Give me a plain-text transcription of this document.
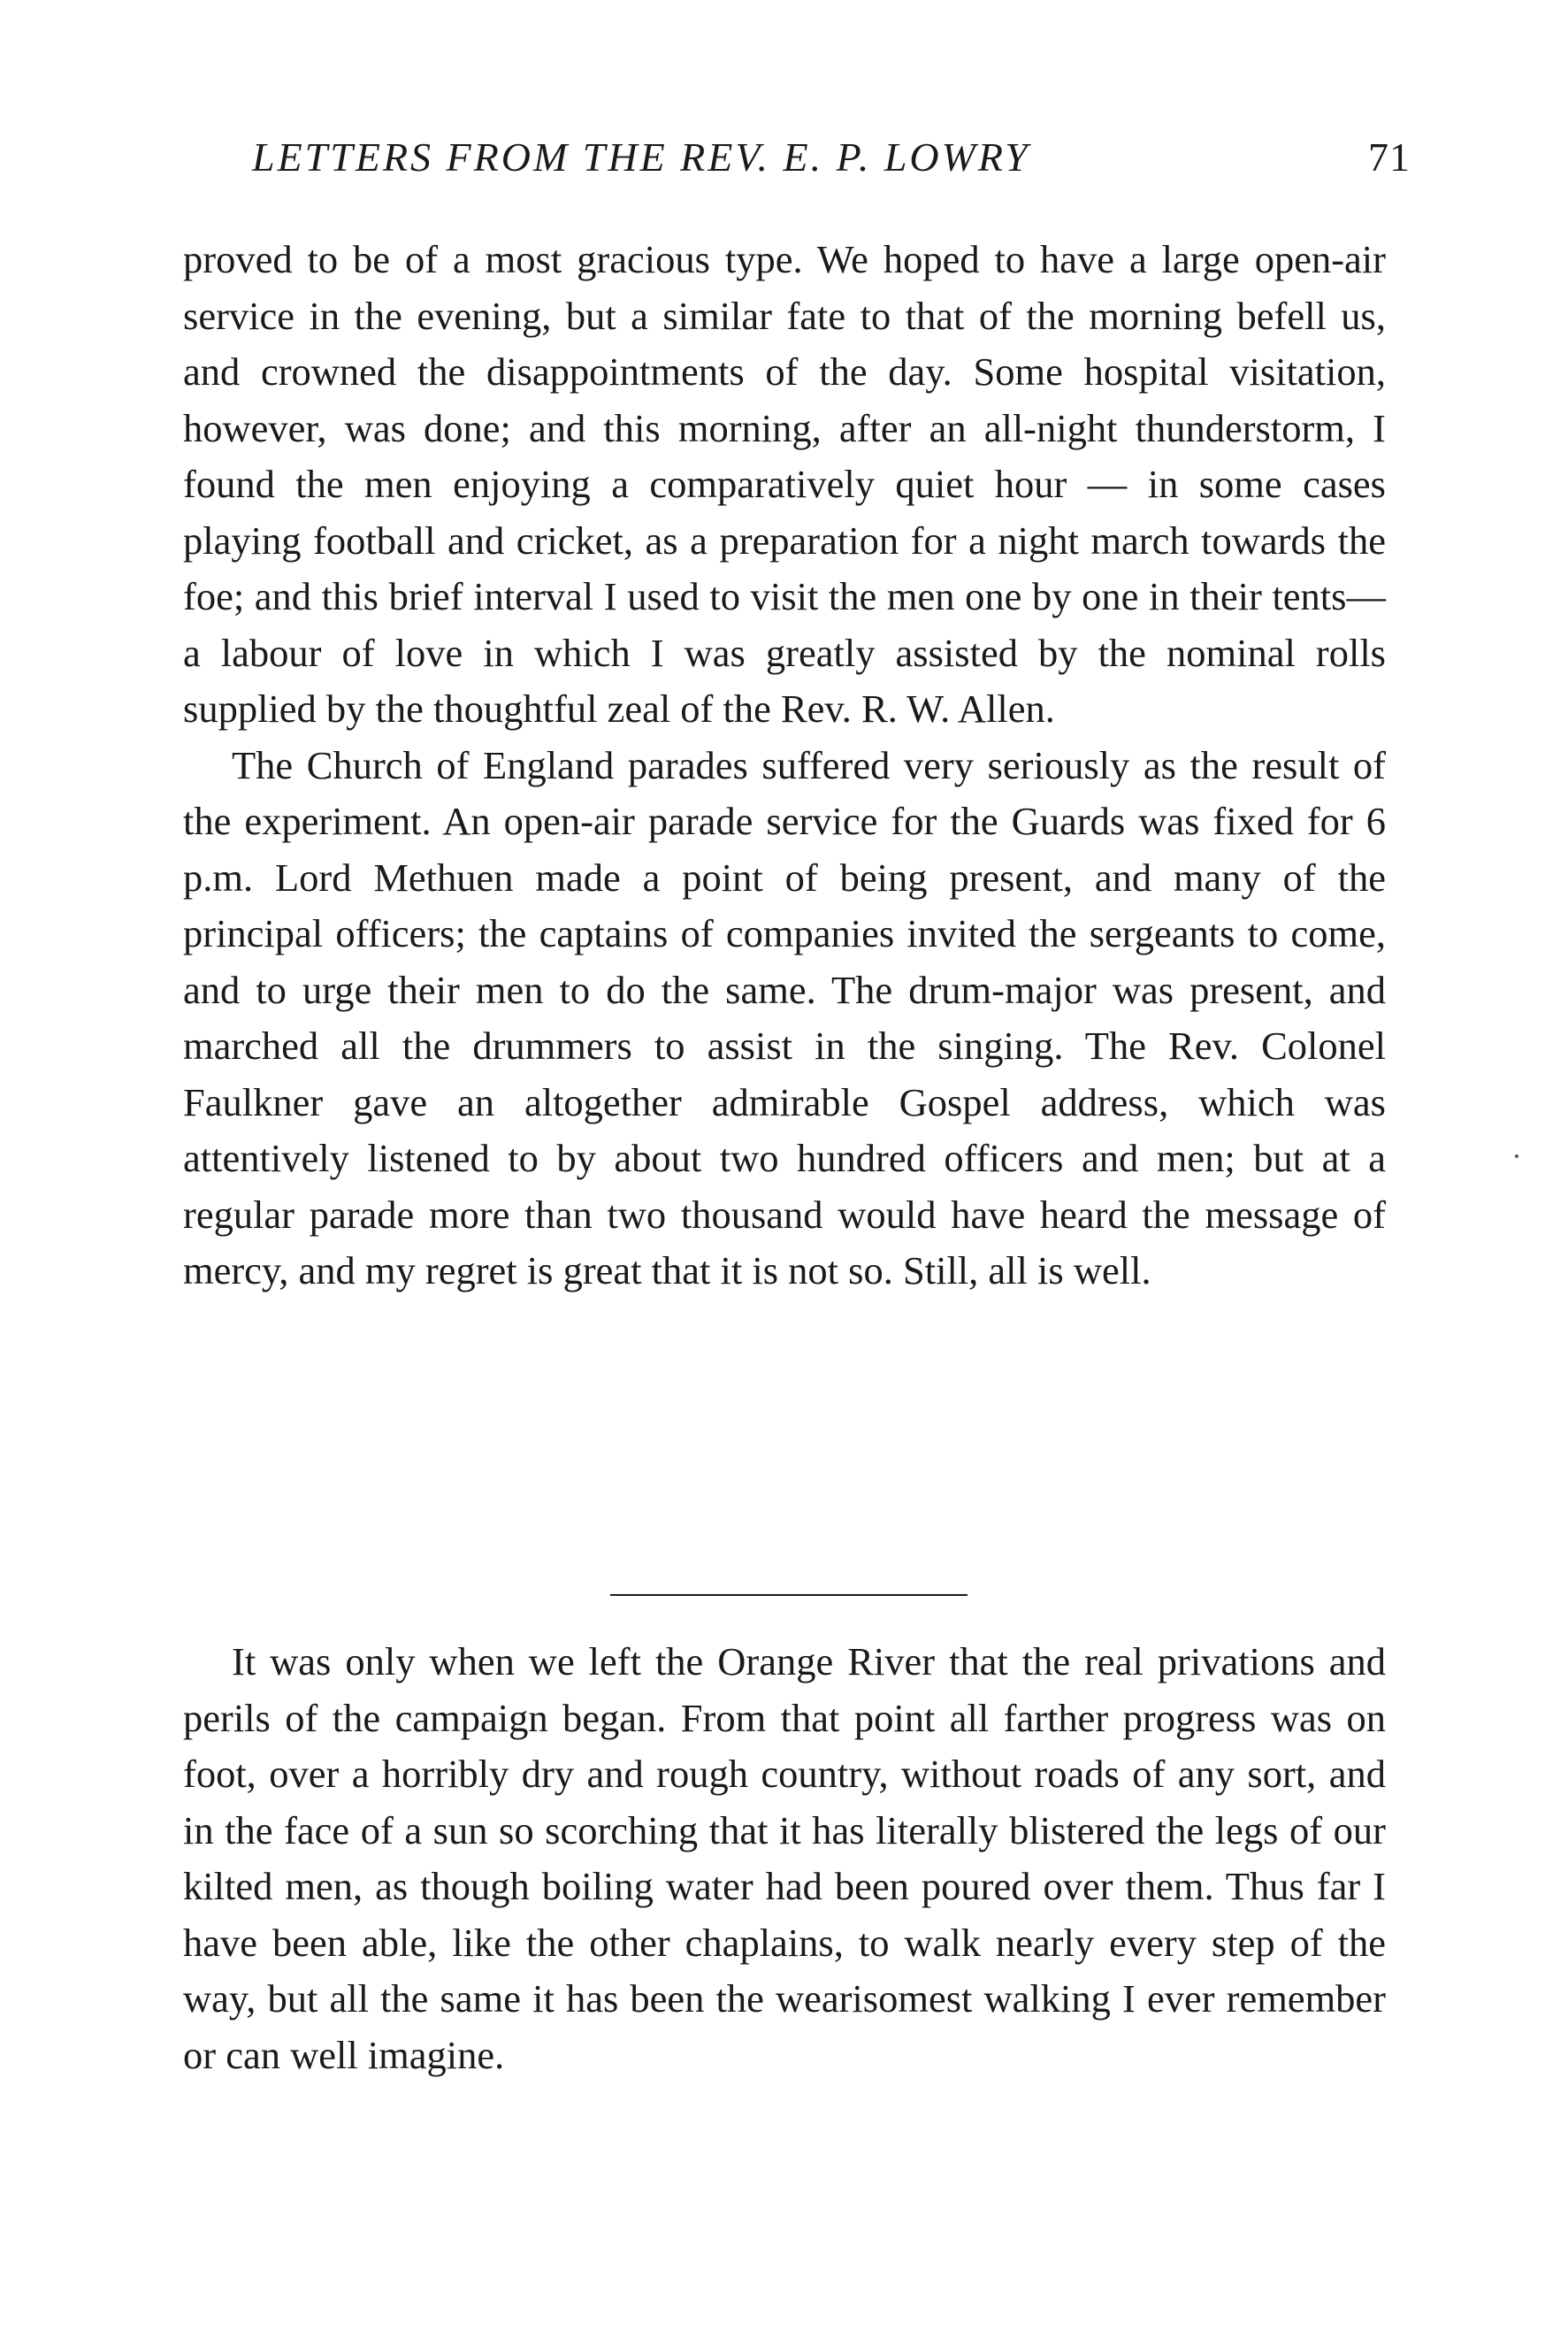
LETTERS FROM THE REV. E. P. LOWRY	71

proved to be of a most gracious type. We hoped to have a large open-air service in the evening, but a similar fate to that of the morning befell us, and crowned the disappointments of the day. Some hospital visitation, however, was done; and this morning, after an all-night thunderstorm, I found the men enjoying a comparatively quiet hour — in some cases playing football and cricket, as a preparation for a night march towards the foe; and this brief interval I used to visit the men one by one in their tents—a labour of love in which I was greatly assisted by the nominal rolls supplied by the thoughtful zeal of the Rev. R. W. Allen.

The Church of England parades suffered very seriously as the result of the experiment. An open-air parade service for the Guards was fixed for 6 p.m. Lord Methuen made a point of being present, and many of the principal officers; the captains of companies invited the sergeants to come, and to urge their men to do the same. The drum-major was present, and marched all the drummers to assist in the singing. The Rev. Colonel Faulkner gave an altogether admirable Gospel address, which was attentively listened to by about two hundred officers and men; but at a regular parade more than two thousand would have heard the message of mercy, and my regret is great that it is not so. Still, all is well.

It was only when we left the Orange River that the real privations and perils of the campaign began. From that point all farther progress was on foot, over a horribly dry and rough country, without roads of any sort, and in the face of a sun so scorching that it has literally blistered the legs of our kilted men, as though boiling water had been poured over them. Thus far I have been able, like the other chaplains, to walk nearly every step of the way, but all the same it has been the wearisomest walking I ever remember or can well imagine.
